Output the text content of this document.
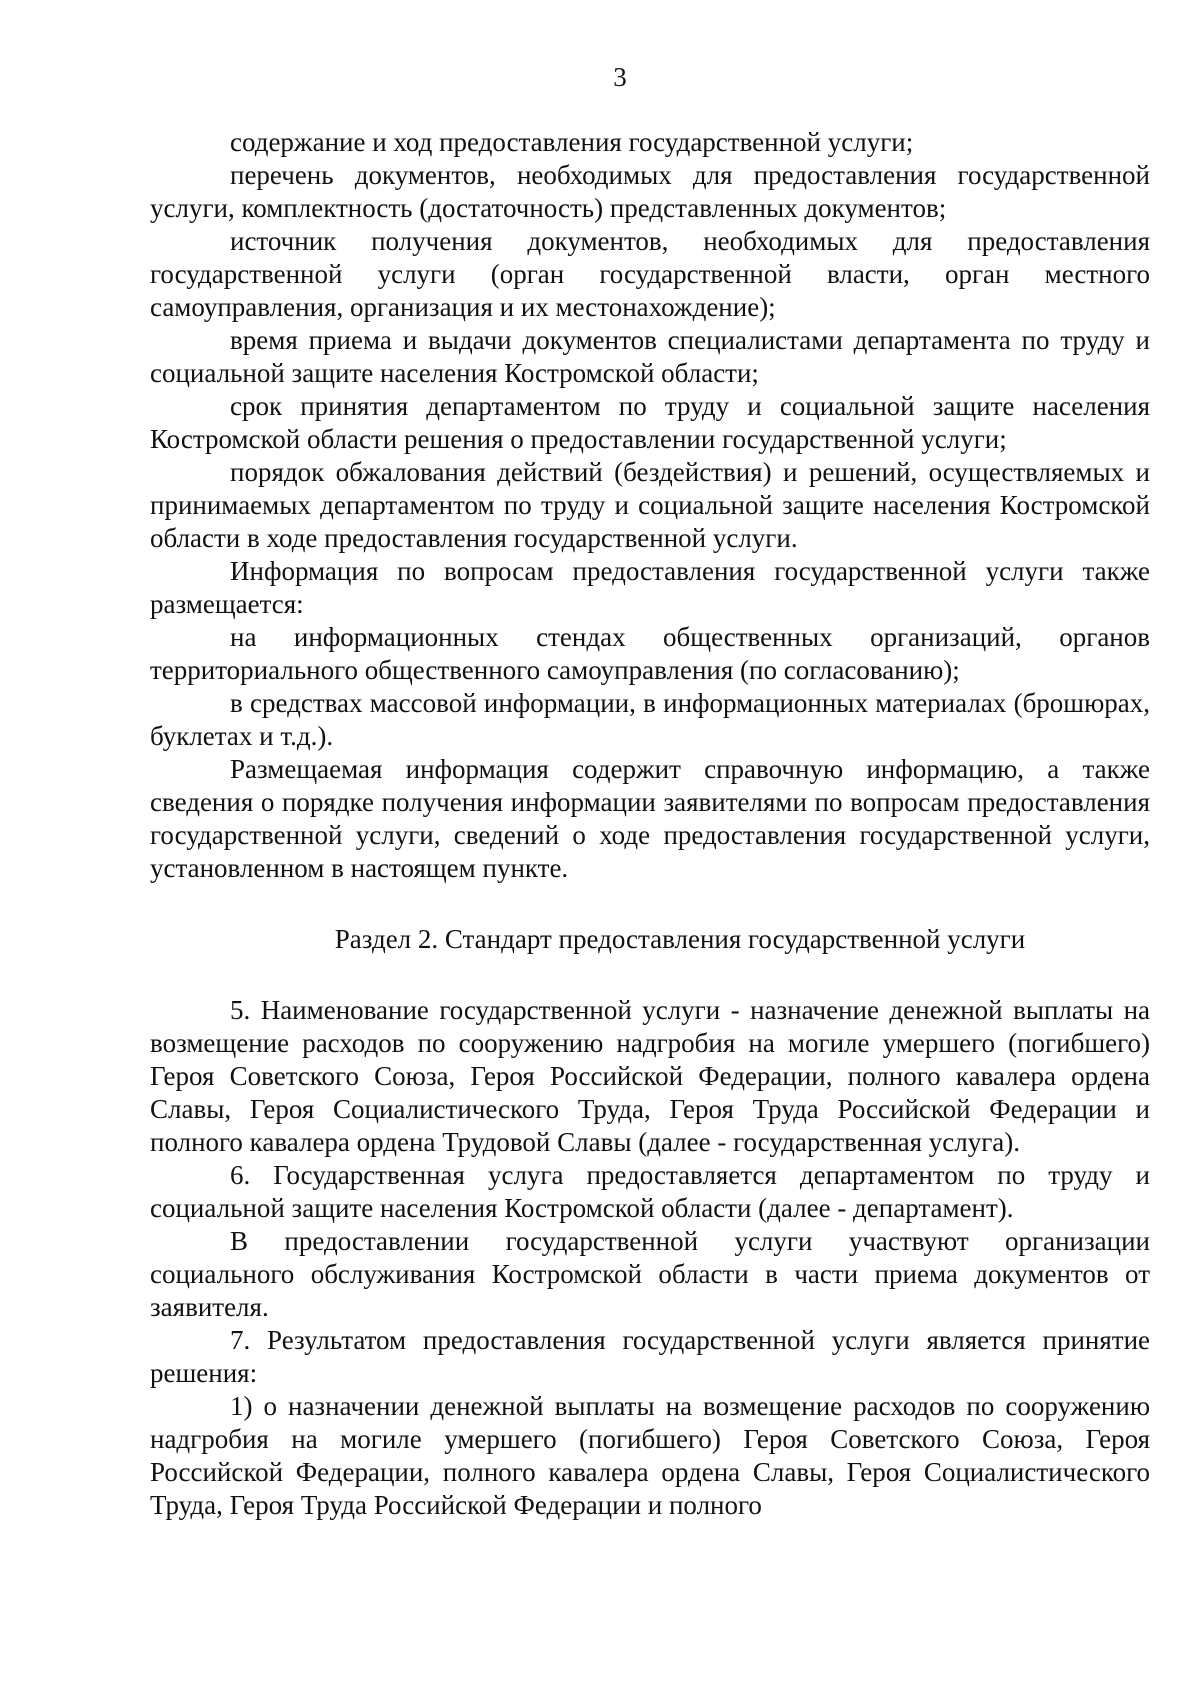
3

содержание и ход предоставления государственной услуги;

перечень документов, необходимых для предоставления государственной услуги, комплектность (достаточность) представленных документов;

источник получения документов, необходимых для предоставления государственной услуги (орган государственной власти, орган местного самоуправления, организация и их местонахождение);

время приема и выдачи документов специалистами департамента по труду и социальной защите населения Костромской области;

срок принятия департаментом по труду и социальной защите населения Костромской области решения о предоставлении государственной услуги;

порядок обжалования действий (бездействия) и решений, осуществляемых и принимаемых департаментом по труду и социальной защите населения Костромской области в ходе предоставления государственной услуги.

Информация по вопросам предоставления государственной услуги также размещается:

на информационных стендах общественных организаций, органов территориального общественного самоуправления (по согласованию);

в средствах массовой информации, в информационных материалах (брошюрах, буклетах и т.д.).

Размещаемая информация содержит справочную информацию, а также сведения о порядке получения информации заявителями по вопросам предоставления государственной услуги, сведений о ходе предоставления государственной услуги, установленном в настоящем пункте.

Раздел 2. Стандарт предоставления государственной услуги

5. Наименование государственной услуги - назначение денежной выплаты на возмещение расходов по сооружению надгробия на могиле умершего (погибшего) Героя Советского Союза, Героя Российской Федерации, полного кавалера ордена Славы, Героя Социалистического Труда, Героя Труда Российской Федерации и полного кавалера ордена Трудовой Славы (далее - государственная услуга).

6. Государственная услуга предоставляется департаментом по труду и социальной защите населения Костромской области (далее - департамент).

В предоставлении государственной услуги участвуют организации социального обслуживания Костромской области в части приема документов от заявителя.

7. Результатом предоставления государственной услуги является принятие решения:

1) о назначении денежной выплаты на возмещение расходов по сооружению надгробия на могиле умершего (погибшего) Героя Советского Союза, Героя Российской Федерации, полного кавалера ордена Славы, Героя Социалистического Труда, Героя Труда Российской Федерации и полного
